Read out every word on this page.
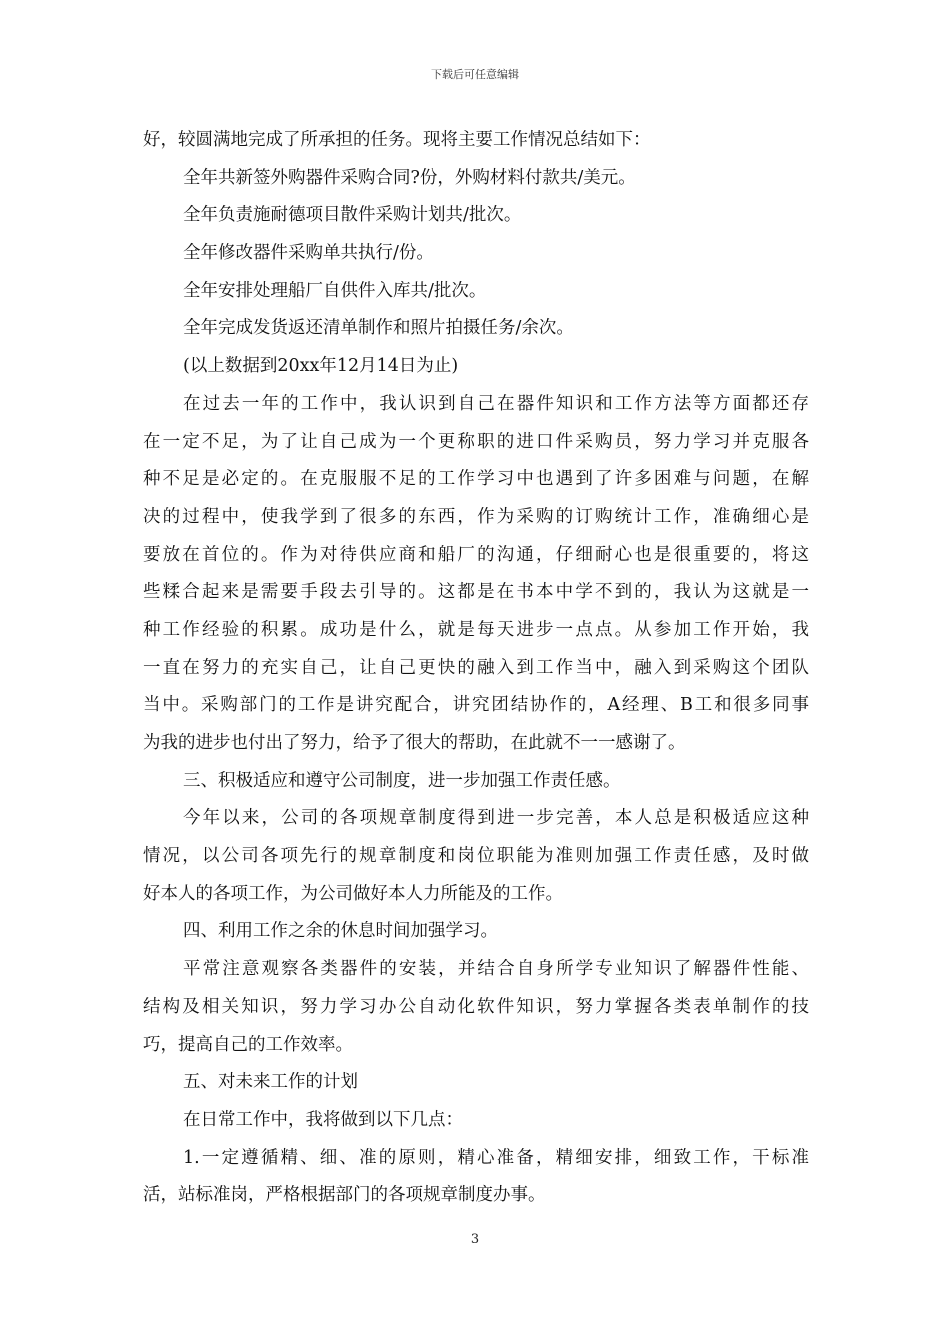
下载后可任意编辑
好，较圆满地完成了所承担的任务。现将主要工作情况总结如下：
全年共新签外购器件采购合同?份，外购材料付款共/美元。
全年负责施耐德项目散件采购计划共/批次。
全年修改器件采购单共执行/份。
全年安排处理船厂自供件入库共/批次。
全年完成发货返还清单制作和照片拍摄任务/余次。
(以上数据到20xx年12月14日为止)
在过去一年的工作中，我认识到自己在器件知识和工作方法等方面都还存
在一定不足，为了让自己成为一个更称职的进口件采购员，努力学习并克服各
种不足是必定的。在克服服不足的工作学习中也遇到了许多困难与问题，在解
决的过程中，使我学到了很多的东西，作为采购的订购统计工作，准确细心是
要放在首位的。作为对待供应商和船厂的沟通，仔细耐心也是很重要的，将这
些糅合起来是需要手段去引导的。这都是在书本中学不到的，我认为这就是一
种工作经验的积累。成功是什么，就是每天进步一点点。从参加工作开始，我
一直在努力的充实自己，让自己更快的融入到工作当中，融入到采购这个团队
当中。采购部门的工作是讲究配合，讲究团结协作的，A经理、B工和很多同事
为我的进步也付出了努力，给予了很大的帮助，在此就不一一感谢了。
三、积极适应和遵守公司制度，进一步加强工作责任感。
今年以来，公司的各项规章制度得到进一步完善，本人总是积极适应这种
情况，以公司各项先行的规章制度和岗位职能为准则加强工作责任感，及时做
好本人的各项工作，为公司做好本人力所能及的工作。
四、利用工作之余的休息时间加强学习。
平常注意观察各类器件的安装，并结合自身所学专业知识了解器件性能、
结构及相关知识，努力学习办公自动化软件知识，努力掌握各类表单制作的技
巧，提高自己的工作效率。
五、对未来工作的计划
在日常工作中，我将做到以下几点：
1.一定遵循精、细、准的原则，精心准备，精细安排，细致工作，干标准
活，站标准岗，严格根据部门的各项规章制度办事。
3
